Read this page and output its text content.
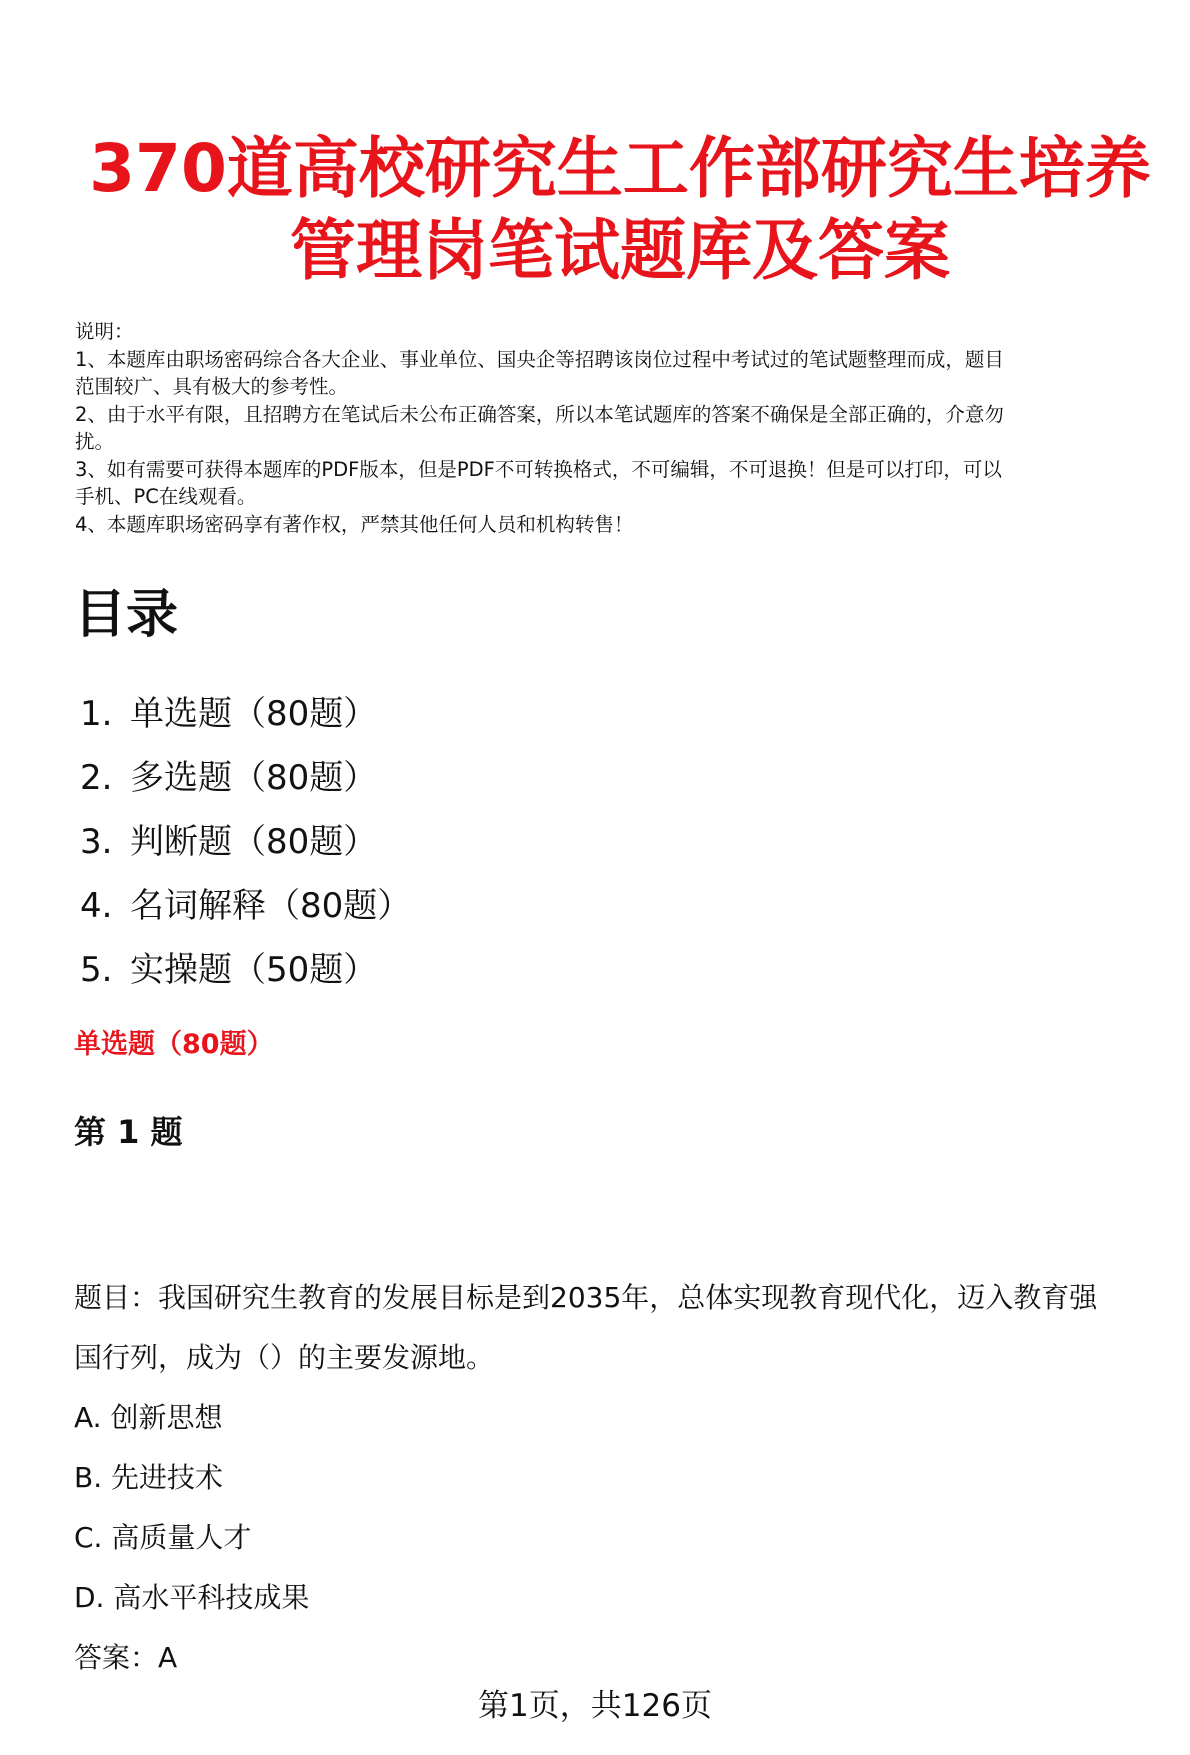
370道高校研究生工作部研究生培养
管理岗笔试题库及答案
说明：
1、本题库由职场密码综合各大企业、事业单位、国央企等招聘该岗位过程中考试过的笔试题整理而成，题目
范围较广、具有极大的参考性。
2、由于水平有限，且招聘方在笔试后未公布正确答案，所以本笔试题库的答案不确保是全部正确的，介意勿
扰。
3、如有需要可获得本题库的PDF版本，但是PDF不可转换格式，不可编辑，不可退换！但是可以打印，可以
手机、PC在线观看。
4、本题库职场密码享有著作权，严禁其他任何人员和机构转售！
目录
1. 单选题（80题）
2. 多选题（80题）
3. 判断题（80题）
4. 名词解释（80题）
5. 实操题（50题）
单选题（80题）
第 1 题
题目：我国研究生教育的发展目标是到2035年，总体实现教育现代化，迈入教育强
国行列，成为（）的主要发源地。
A. 创新思想
B. 先进技术
C. 高质量人才
D. 高水平科技成果
答案：A
第1页，共126页
